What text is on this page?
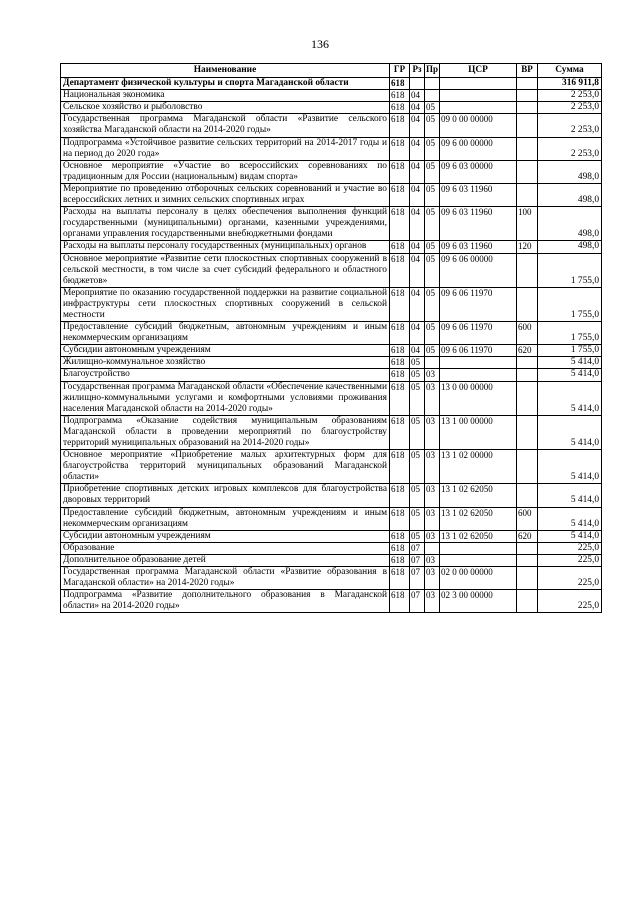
136
Наименование	ГР	Рз	Пр	ЦСР	ВР	Сумма
Департамент физической культуры и спорта Магаданской области	618					316 911,8
Национальная экономика	618	04				2 253,0
Сельское хозяйство и рыболовство	618	04	05			2 253,0
Государственная программа Магаданской области «Развитие сельского хозяйства Магаданской области на 2014-2020 годы»	618	04	05	09 0 00 00000		2 253,0
Подпрограмма «Устойчивое развитие сельских территорий на 2014-2017 годы и на период до 2020 года»	618	04	05	09 6 00 00000		2 253,0
Основное мероприятие «Участие во всероссийских соревнованиях по традиционным для России (национальным) видам спорта»	618	04	05	09 6 03 00000		498,0
Мероприятие по проведению отборочных сельских соревнований и участие во всероссийских летних и зимних сельских спортивных играх	618	04	05	09 6 03 11960		498,0
Расходы на выплаты персоналу в целях обеспечения выполнения функций государственными (муниципальными) органами, казенными учреждениями, органами управления государственными внебюджетными фондами	618	04	05	09 6 03 11960	100	498,0
Расходы на выплаты персоналу государственных (муниципальных) органов	618	04	05	09 6 03 11960	120	498,0
Основное мероприятие «Развитие сети плоскостных спортивных сооружений в сельской местности, в том числе за счет субсидий федерального и областного бюджетов»	618	04	05	09 6 06 00000		1 755,0
Мероприятие по оказанию государственной поддержки на развитие социальной инфраструктуры сети плоскостных спортивных сооружений в сельской местности	618	04	05	09 6 06 11970		1 755,0
Предоставление субсидий бюджетным, автономным учреждениям и иным некоммерческим организациям	618	04	05	09 6 06 11970	600	1 755,0
Субсидии автономным учреждениям	618	04	05	09 6 06 11970	620	1 755,0
Жилищно-коммунальное хозяйство	618	05				5 414,0
Благоустройство	618	05	03			5 414,0
Государственная программа Магаданской области «Обеспечение качественными жилищно-коммунальными услугами и комфортными условиями проживания населения Магаданской области на 2014-2020 годы»	618	05	03	13 0 00 00000		5 414,0
Подпрограмма «Оказание содействия муниципальным образованиям Магаданской области в проведении мероприятий по благоустройству территорий муниципальных образований на 2014-2020 годы»	618	05	03	13 1 00 00000		5 414,0
Основное мероприятие «Приобретение малых архитектурных форм для благоустройства территорий муниципальных образований Магаданской области»	618	05	03	13 1 02 00000		5 414,0
Приобретение спортивных детских игровых комплексов для благоустройства дворовых территорий	618	05	03	13 1 02 62050		5 414,0
Предоставление субсидий бюджетным, автономным учреждениям и иным некоммерческим организациям	618	05	03	13 1 02 62050	600	5 414,0
Субсидии автономным учреждениям	618	05	03	13 1 02 62050	620	5 414,0
Образование	618	07				225,0
Дополнительное образование детей	618	07	03			225,0
Государственная программа Магаданской области «Развитие образования в Магаданской области» на 2014-2020 годы»	618	07	03	02 0 00 00000		225,0
Подпрограмма «Развитие дополнительного образования в Магаданской области» на 2014-2020 годы»	618	07	03	02 3 00 00000		225,0
